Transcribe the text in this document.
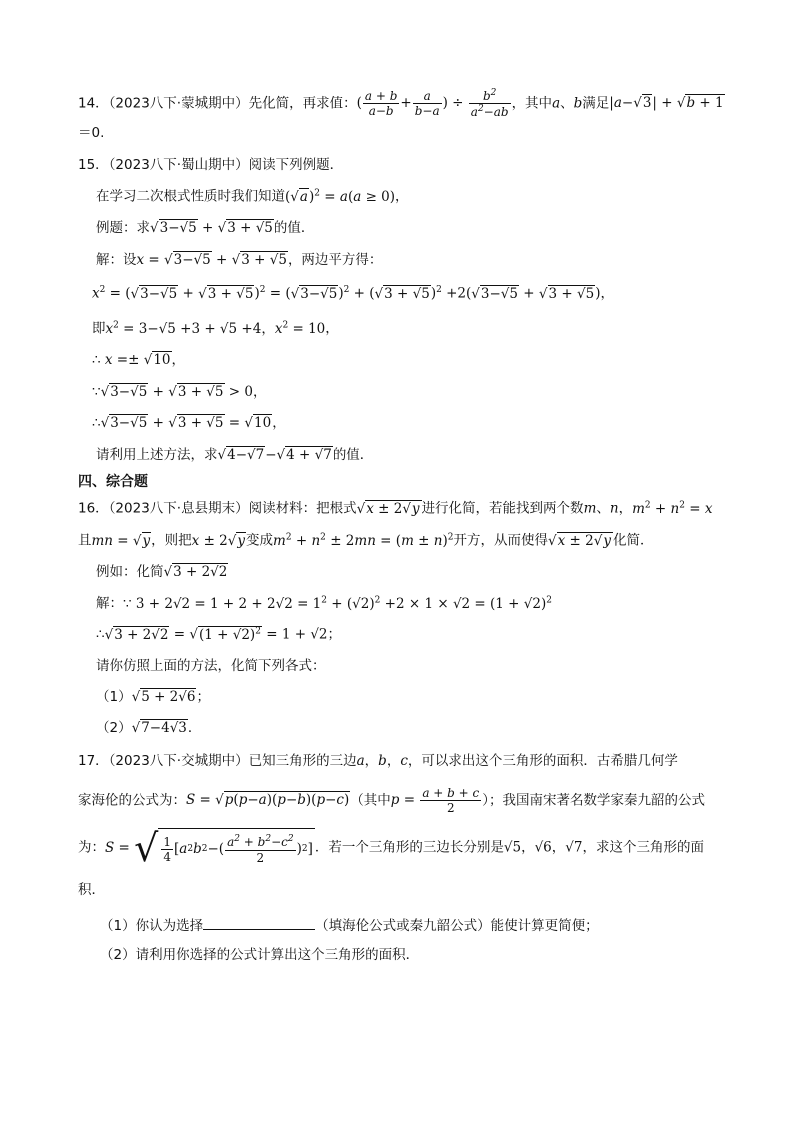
14．（2023八下·蒙城期中）先化简，再求值：( $\frac{a + b}{a-b} + \frac{a}{b-a}$ ) ÷ $\frac{b^2}{a^2-ab}$ ，其中a、b满足|a−√3| + √b + 1
＝0.
15．（2023八下·蜀山期中）阅读下列例题．
在学习二次根式性质时我们知道$(√a)^2 = a(a \ge 0)$，
例题：求√3−√5 + √3 + √5的值．
解：设x = √3−√5 + √3 + √5，两边平方得：
$x^2 = (√3-√5 + √3 + √5)^2 = (√3-√5)^2 + (√3 + √5)^2 +2(√3-√5 + √3 + √5)$，
即$x^2 = 3-√5 +3 + √5 +4$，$x^2 = 10$，
∴ x =± √10，
∵√3−√5 + √3 + √5 > 0，
∴√3−√5 + √3 + √5 = √10，
请利用上述方法，求√4−√7−√4 + √7的值．
四、综合题
16．（2023八下·息县期末）阅读材料：把根式√x ± 2√y 进行化简，若能找到两个数m、n，$m^2 + n^2 = x$
且mn = √y，则把x ± 2√y变成$m^2 + n^2 \pm 2mn = (m \pm n)^2$开方，从而使得√x ± 2√y 化简．
例如：化简√3 + 2√2
解：∵ $3 + 2√2 = 1 + 2 + 2√2 = 1^2 + (√2)^2 +2 \times 1 \times √2 = (1 + √2)^2$
∴√3 + $2√2 = √(1 + √2)^2 = 1 + √2$；
请你仿照上面的方法，化简下列各式：
（1）√5 + 2√6；
（2）√7−4√3．
17．（2023八下·交城期中）已知三角形的三边a，b，c，可以求出这个三角形的面积．古希腊几何学
家海伦的公式为：S = √p(p−a)(p−b)(p−c)（其中$p = \frac{a + b + c}{2}$ ）；我国南宋著名数学家秦九韶的公式
为：S = √ $\frac{1}{4}$ [ a 2 b 2 −( $\frac{a^2 + b^2-c^2}{2}$ ) 2 ] ．若一个三角形的三边长分别是√5，√6，√7，求这个三角形的面
积．
（1）你认为选择	（填海伦公式或秦九韶公式）能使计算更简便；
（2）请利用你选择的公式计算出这个三角形的面积．
